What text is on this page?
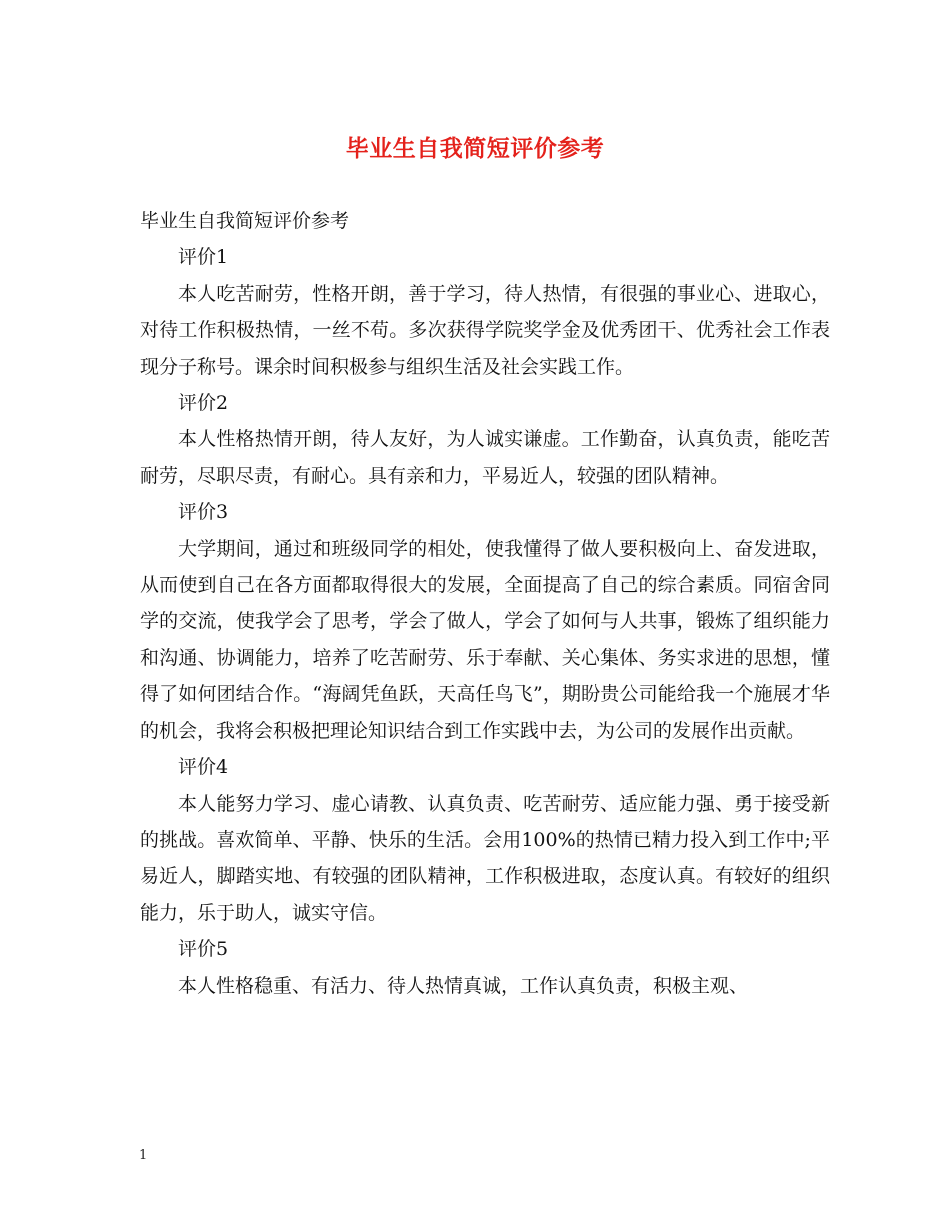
毕业生自我简短评价参考

毕业生自我简短评价参考

评价1

本人吃苦耐劳，性格开朗，善于学习，待人热情，有很强的事业心、进取心，对待工作积极热情，一丝不苟。多次获得学院奖学金及优秀团干、优秀社会工作表现分子称号。课余时间积极参与组织生活及社会实践工作。

评价2

本人性格热情开朗，待人友好，为人诚实谦虚。工作勤奋，认真负责，能吃苦耐劳，尽职尽责，有耐心。具有亲和力，平易近人，较强的团队精神。

评价3

大学期间，通过和班级同学的相处，使我懂得了做人要积极向上、奋发进取，从而使到自己在各方面都取得很大的发展，全面提高了自己的综合素质。同宿舍同学的交流，使我学会了思考，学会了做人，学会了如何与人共事，锻炼了组织能力和沟通、协调能力，培养了吃苦耐劳、乐于奉献、关心集体、务实求进的思想，懂得了如何团结合作。“海阔凭鱼跃，天高任鸟飞”，期盼贵公司能给我一个施展才华的机会，我将会积极把理论知识结合到工作实践中去，为公司的发展作出贡献。

评价4

本人能努力学习、虚心请教、认真负责、吃苦耐劳、适应能力强、勇于接受新的挑战。喜欢简单、平静、快乐的生活。会用100%的热情已精力投入到工作中;平易近人，脚踏实地、有较强的团队精神，工作积极进取，态度认真。有较好的组织能力，乐于助人，诚实守信。

评价5

本人性格稳重、有活力、待人热情真诚，工作认真负责，积极主观、

1
